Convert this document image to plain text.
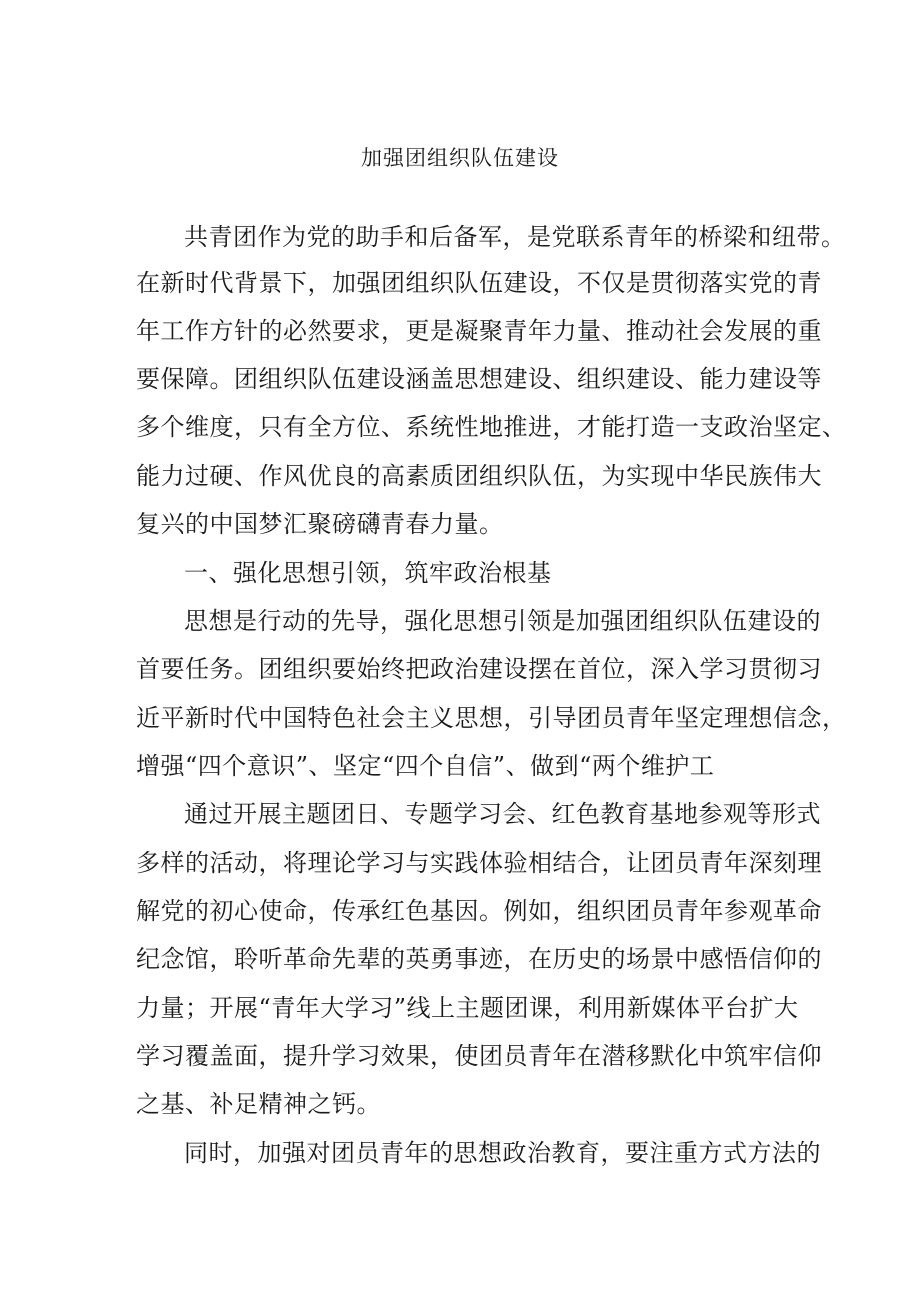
加强团组织队伍建设
共青团作为党的助手和后备军，是党联系青年的桥梁和纽带。
在新时代背景下，加强团组织队伍建设，不仅是贯彻落实党的青
年工作方针的必然要求，更是凝聚青年力量、推动社会发展的重
要保障。团组织队伍建设涵盖思想建设、组织建设、能力建设等
多个维度，只有全方位、系统性地推进，才能打造一支政治坚定、
能力过硬、作风优良的高素质团组织队伍，为实现中华民族伟大
复兴的中国梦汇聚磅礴青春力量。
一、强化思想引领，筑牢政治根基
思想是行动的先导，强化思想引领是加强团组织队伍建设的
首要任务。团组织要始终把政治建设摆在首位，深入学习贯彻习
近平新时代中国特色社会主义思想，引导团员青年坚定理想信念，
增强“四个意识”、坚定“四个自信”、做到“两个维护工
通过开展主题团日、专题学习会、红色教育基地参观等形式
多样的活动，将理论学习与实践体验相结合，让团员青年深刻理
解党的初心使命，传承红色基因。例如，组织团员青年参观革命
纪念馆，聆听革命先辈的英勇事迹，在历史的场景中感悟信仰的
力量；开展“青年大学习”线上主题团课，利用新媒体平台扩大
学习覆盖面，提升学习效果，使团员青年在潜移默化中筑牢信仰
之基、补足精神之钙。
同时，加强对团员青年的思想政治教育，要注重方式方法的
